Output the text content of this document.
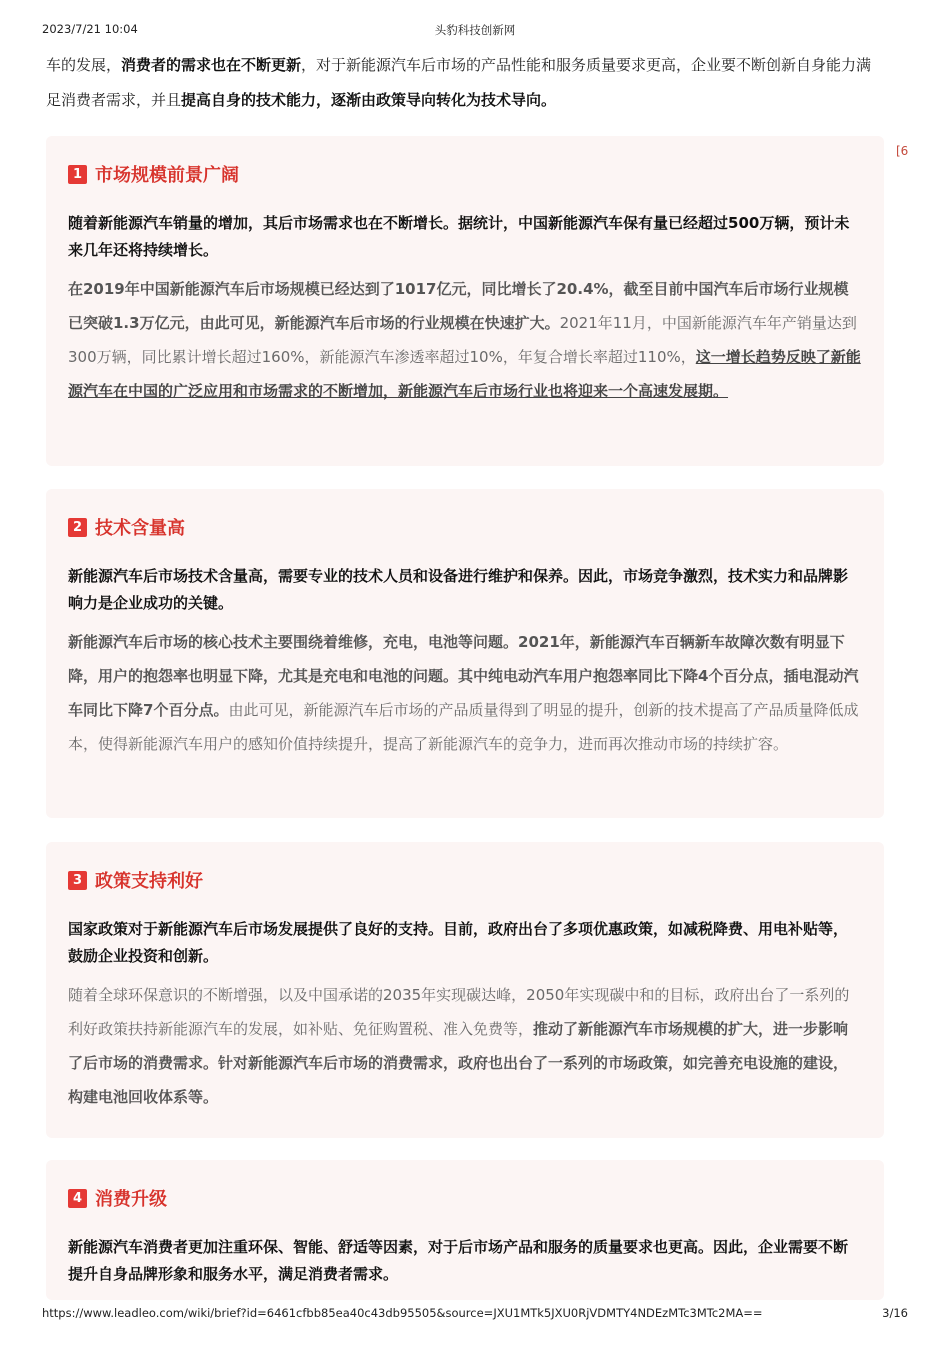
2023/7/21 10:04	头豹科技创新网
[6
车的发展，消费者的需求也在不断更新，对于新能源汽车后市场的产品性能和服务质量要求更高，企业要不断创新自身能力满足消费者需求，并且提高自身的技术能力，逐渐由政策导向转化为技术导向。
1 市场规模前景广阔
随着新能源汽车销量的增加，其后市场需求也在不断增长。据统计，中国新能源汽车保有量已经超过500万辆，预计未来几年还将持续增长。
在2019年中国新能源汽车后市场规模已经达到了1017亿元，同比增长了20.4%，截至目前中国汽车后市场行业规模已突破1.3万亿元，由此可见，新能源汽车后市场的行业规模在快速扩大。2021年11月，中国新能源汽车年产销量达到300万辆，同比累计增长超过160%，新能源汽车渗透率超过10%，年复合增长率超过110%，这一增长趋势反映了新能源汽车在中国的广泛应用和市场需求的不断增加，新能源汽车后市场行业也将迎来一个高速发展期。
2 技术含量高
新能源汽车后市场技术含量高，需要专业的技术人员和设备进行维护和保养。因此，市场竞争激烈，技术实力和品牌影响力是企业成功的关键。
新能源汽车后市场的核心技术主要围绕着维修，充电，电池等问题。2021年，新能源汽车百辆新车故障次数有明显下降，用户的抱怨率也明显下降，尤其是充电和电池的问题。其中纯电动汽车用户抱怨率同比下降4个百分点，插电混动汽车同比下降7个百分点。由此可见，新能源汽车后市场的产品质量得到了明显的提升，创新的技术提高了产品质量降低成本，使得新能源汽车用户的感知价值持续提升，提高了新能源汽车的竞争力，进而再次推动市场的持续扩容。
3 政策支持利好
国家政策对于新能源汽车后市场发展提供了良好的支持。目前，政府出台了多项优惠政策，如减税降费、用电补贴等，鼓励企业投资和创新。
随着全球环保意识的不断增强，以及中国承诺的2035年实现碳达峰，2050年实现碳中和的目标，政府出台了一系列的利好政策扶持新能源汽车的发展，如补贴、免征购置税、准入免费等，推动了新能源汽车市场规模的扩大，进一步影响了后市场的消费需求。针对新能源汽车后市场的消费需求，政府也出台了一系列的市场政策，如完善充电设施的建设，构建电池回收体系等。
4 消费升级
新能源汽车消费者更加注重环保、智能、舒适等因素，对于后市场产品和服务的质量要求也更高。因此，企业需要不断提升自身品牌形象和服务水平，满足消费者需求。
https://www.leadleo.com/wiki/brief?id=6461cfbb85ea40c43db95505&source=JXU1MTk5JXU0RjVDMTY4NDEzMTc3MTc2MA==	3/16
